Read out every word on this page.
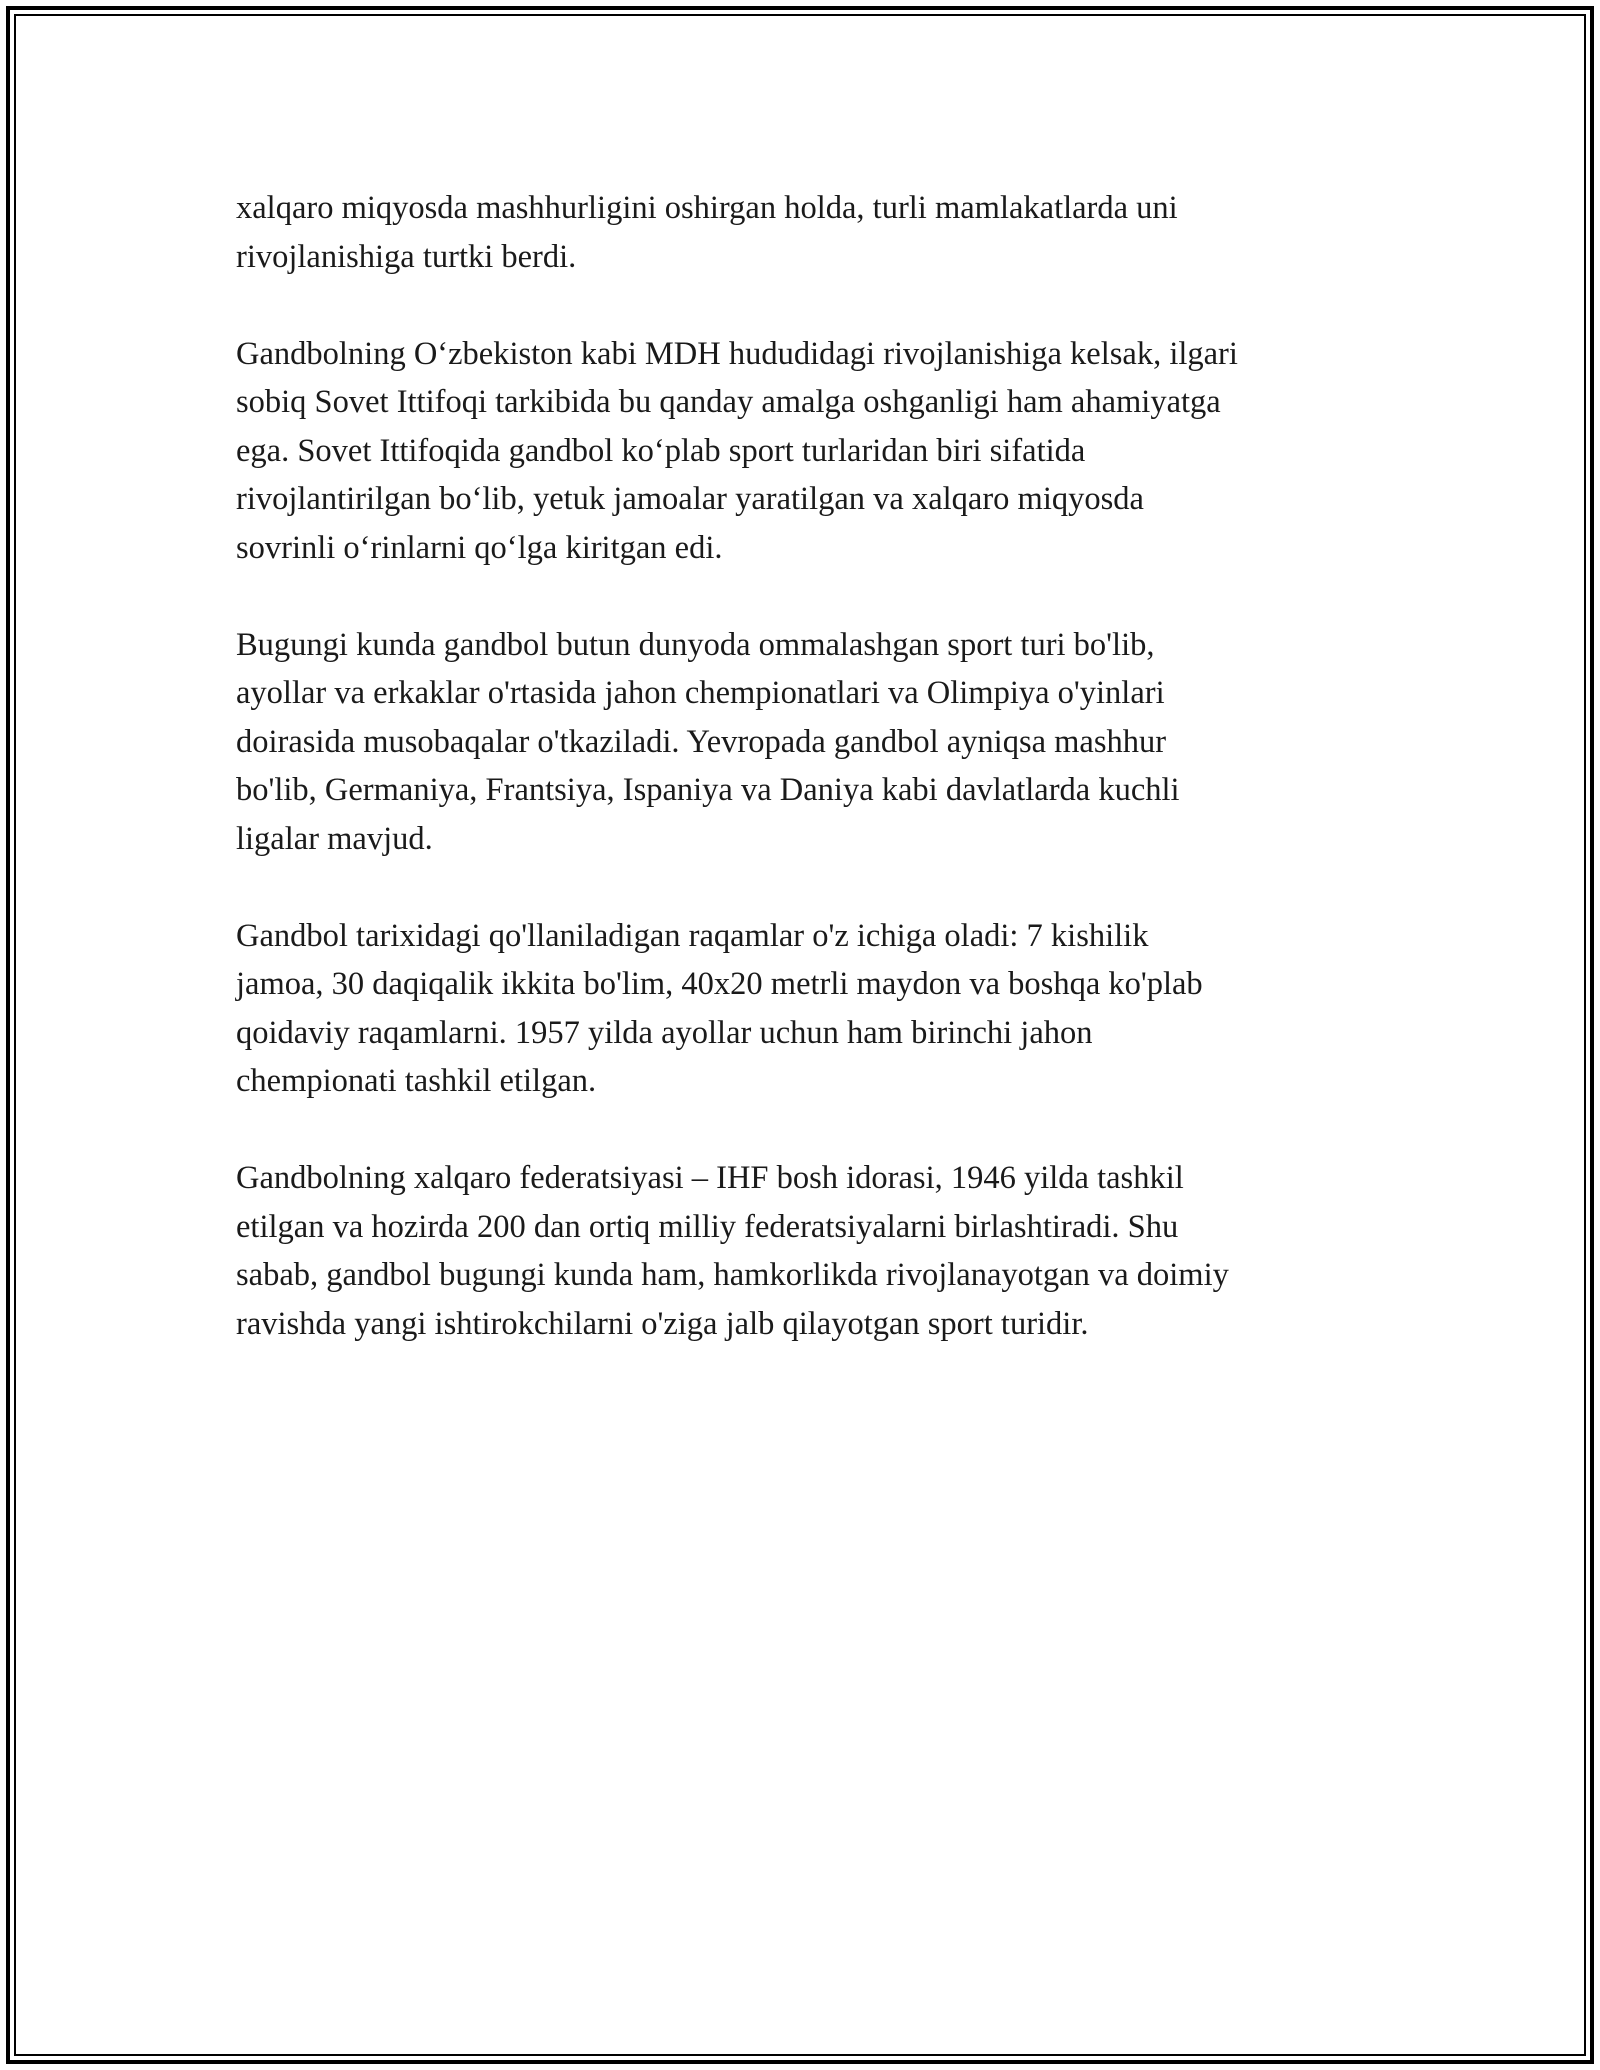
xalqaro miqyosda mashhurligini oshirgan holda, turli mamlakatlarda uni
rivojlanishiga turtki berdi.

Gandbolning O‘zbekiston kabi MDH hududidagi rivojlanishiga kelsak, ilgari
sobiq Sovet Ittifoqi tarkibida bu qanday amalga oshganligi ham ahamiyatga
ega. Sovet Ittifoqida gandbol ko‘plab sport turlaridan biri sifatida
rivojlantirilgan bo‘lib, yetuk jamoalar yaratilgan va xalqaro miqyosda
sovrinli o‘rinlarni qo‘lga kiritgan edi.

Bugungi kunda gandbol butun dunyoda ommalashgan sport turi bo'lib,
ayollar va erkaklar o'rtasida jahon chempionatlari va Olimpiya o'yinlari
doirasida musobaqalar o'tkaziladi. Yevropada gandbol ayniqsa mashhur
bo'lib, Germaniya, Frantsiya, Ispaniya va Daniya kabi davlatlarda kuchli
ligalar mavjud.

Gandbol tarixidagi qo'llaniladigan raqamlar o'z ichiga oladi: 7 kishilik
jamoa, 30 daqiqalik ikkita bo'lim, 40x20 metrli maydon va boshqa ko'plab
qoidaviy raqamlarni. 1957 yilda ayollar uchun ham birinchi jahon
chempionati tashkil etilgan.

Gandbolning xalqaro federatsiyasi – IHF bosh idorasi, 1946 yilda tashkil
etilgan va hozirda 200 dan ortiq milliy federatsiyalarni birlashtiradi. Shu
sabab, gandbol bugungi kunda ham, hamkorlikda rivojlanayotgan va doimiy
ravishda yangi ishtirokchilarni o'ziga jalb qilayotgan sport turidir.
